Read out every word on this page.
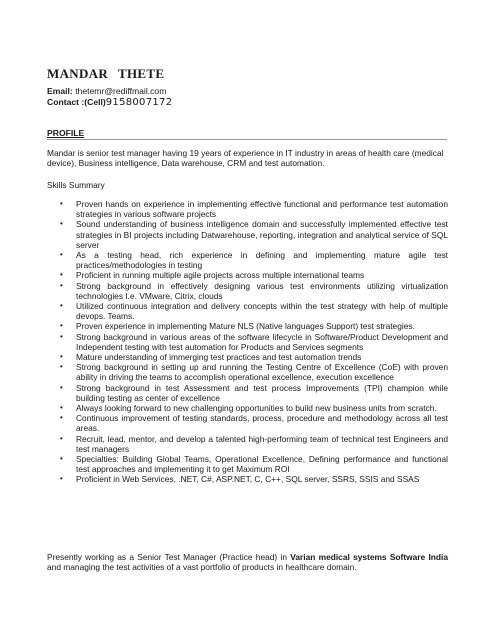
MANDAR THETE
Email: thetemr@rediffmail.com
Contact :(Cell)9158007172
PROFILE

Mandar is senior test manager having 19 years of experience in IT industry in areas of health care (medical device), Business intelligence, Data warehouse, CRM and test automation.

Skills Summary

• Proven hands on experience in implementing effective functional and performance test automation strategies in various software projects
• Sound understanding of business intelligence domain and successfully implemented effective test strategies in BI projects including Datwarehouse, reporting, integration and analytical service of SQL server
• As a testing head, rich experience in defining and implementing mature agile test practices/methodologies in testing
• Proficient in running multiple agile projects across multiple international teams
• Strong background in effectively designing various test environments utilizing virtualization technologies I.e. VMware, Citrix, clouds
• Utilized continuous integration and delivery concepts within the test strategy with help of multiple devops. Teams.
• Proven experience in implementing Mature NLS (Native languages Support) test strategies.
• Strong background in various areas of the software lifecycle in Software/Product Development and Independent testing with test automation for Products and Services segments
• Mature understanding of immerging test practices and test automation trends
• Strong background in setting up and running the Testing Centre of Excellence (CoE) with proven ability in driving the teams to accomplish operational excellence, execution excellence
• Strong background in test Assessment and test process Improvements (TPI) champion while building testing as center of excellence
• Always looking forward to new challenging opportunities to build new business units from scratch.
• Continuous improvement of testing standards, process, procedure and methodology across all test areas.
• Recruit, lead, mentor, and develop a talented high-performing team of technical test Engineers and test managers
• Specialties: Building Global Teams, Operational Excellence, Defining performance and functional test approaches and implementing it to get Maximum ROI
• Proficient in Web Services, .NET, C#, ASP.NET, C, C++, SQL server, SSRS, SSIS and SSAS

Presently working as a Senior Test Manager (Practice head) in Varian medical systems Software India and managing the test activities of a vast portfolio of products in healthcare domain.
